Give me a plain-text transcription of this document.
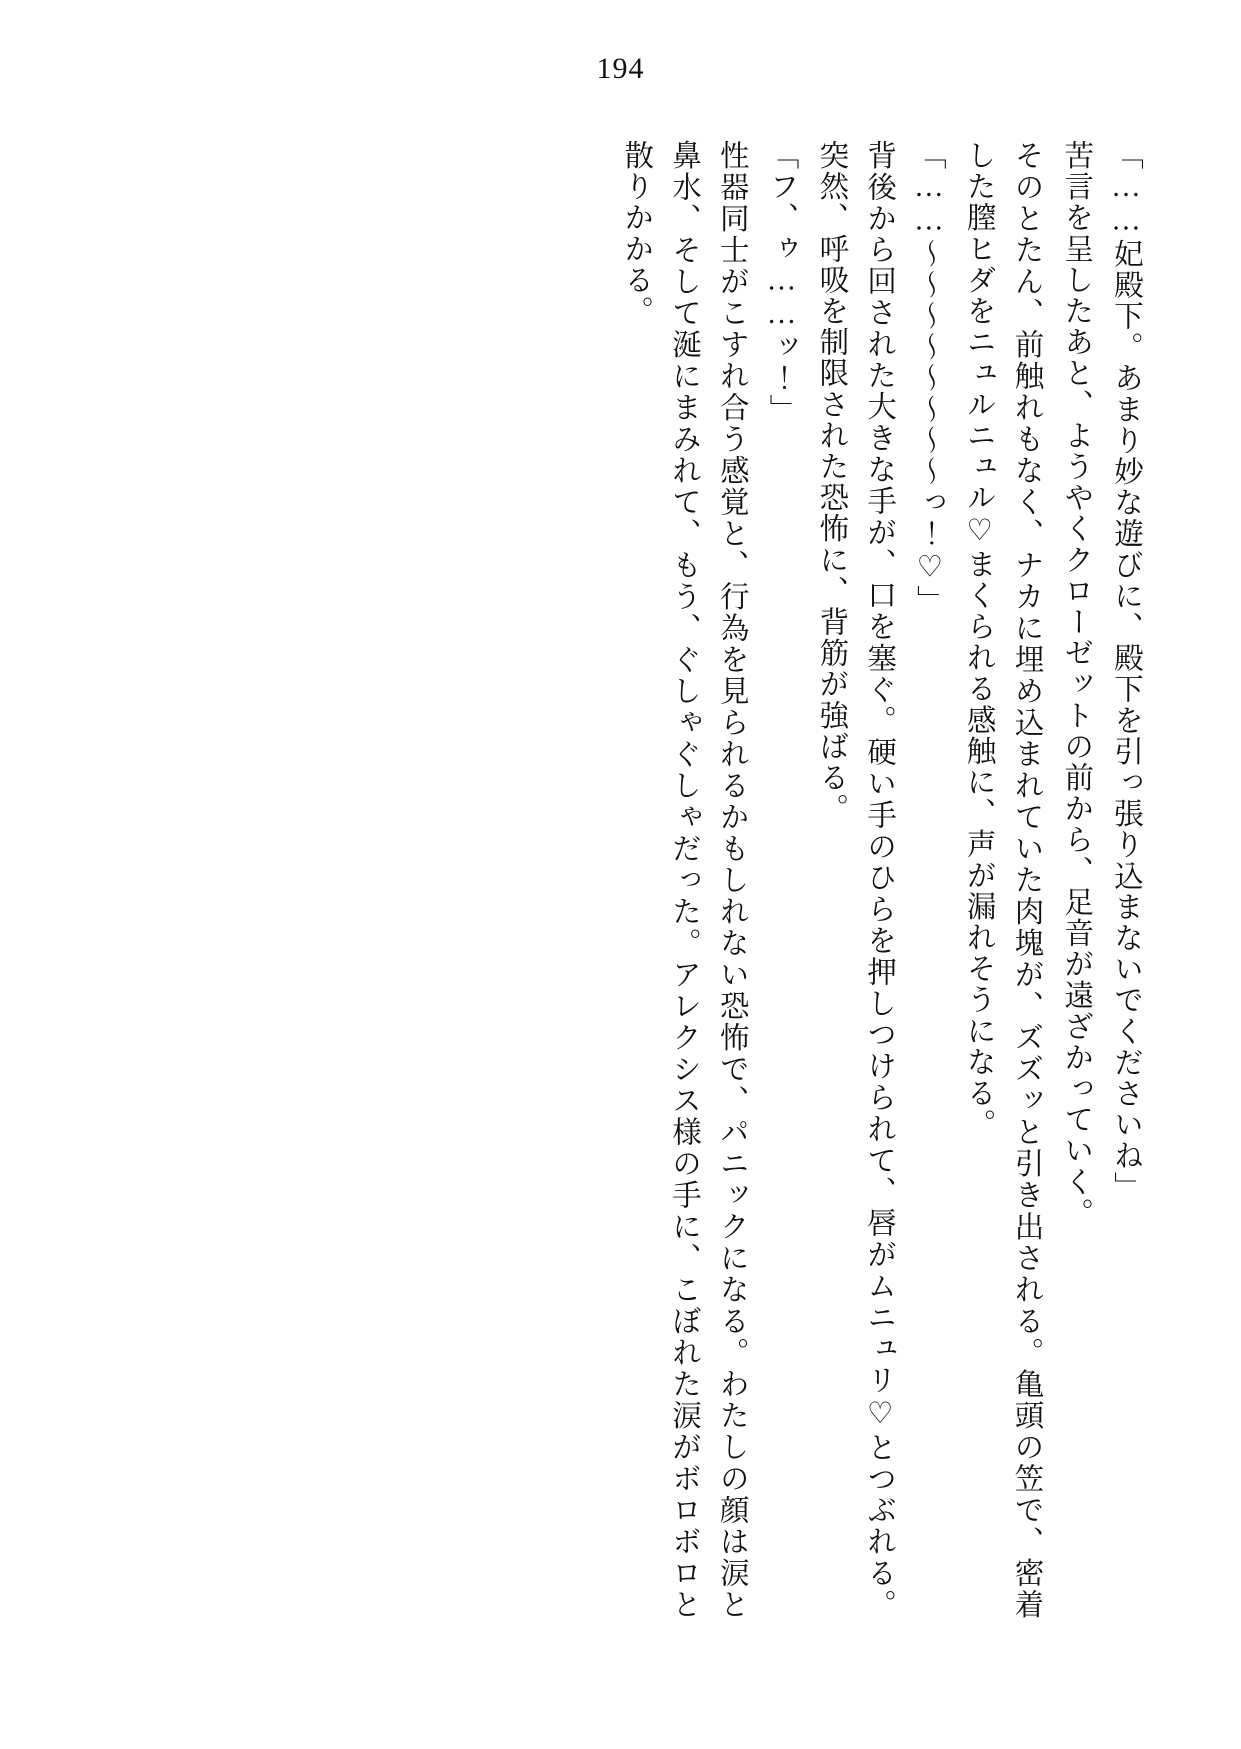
194
「……妃殿下。あまり妙な遊びに、殿下を引っ張り込まないでくださいね」
苦言を呈したあと、ようやくクローゼットの前から、足音が遠ざかっていく。
そのとたん、前触れもなく、ナカに埋め込まれていた肉塊が、ズズッと引き出される。亀頭の笠で、密着した膣ヒダをニュルニュル♡まくられる感触に、声が漏れそうになる。
「……〜〜〜〜〜〜〜〜っ！♡」
背後から回された大きな手が、口を塞ぐ。硬い手のひらを押しつけられて、唇がムニュリ♡とつぶれる。突然、呼吸を制限された恐怖に、背筋が強ばる。
「フ、ゥ……ッ！」
性器同士がこすれ合う感覚と、行為を見られるかもしれない恐怖で、パニックになる。わたしの顔は涙と鼻水、そして涎にまみれて、もう、ぐしゃぐしゃだった。アレクシス様の手に、こぼれた涙がボロボロと散りかかる。
